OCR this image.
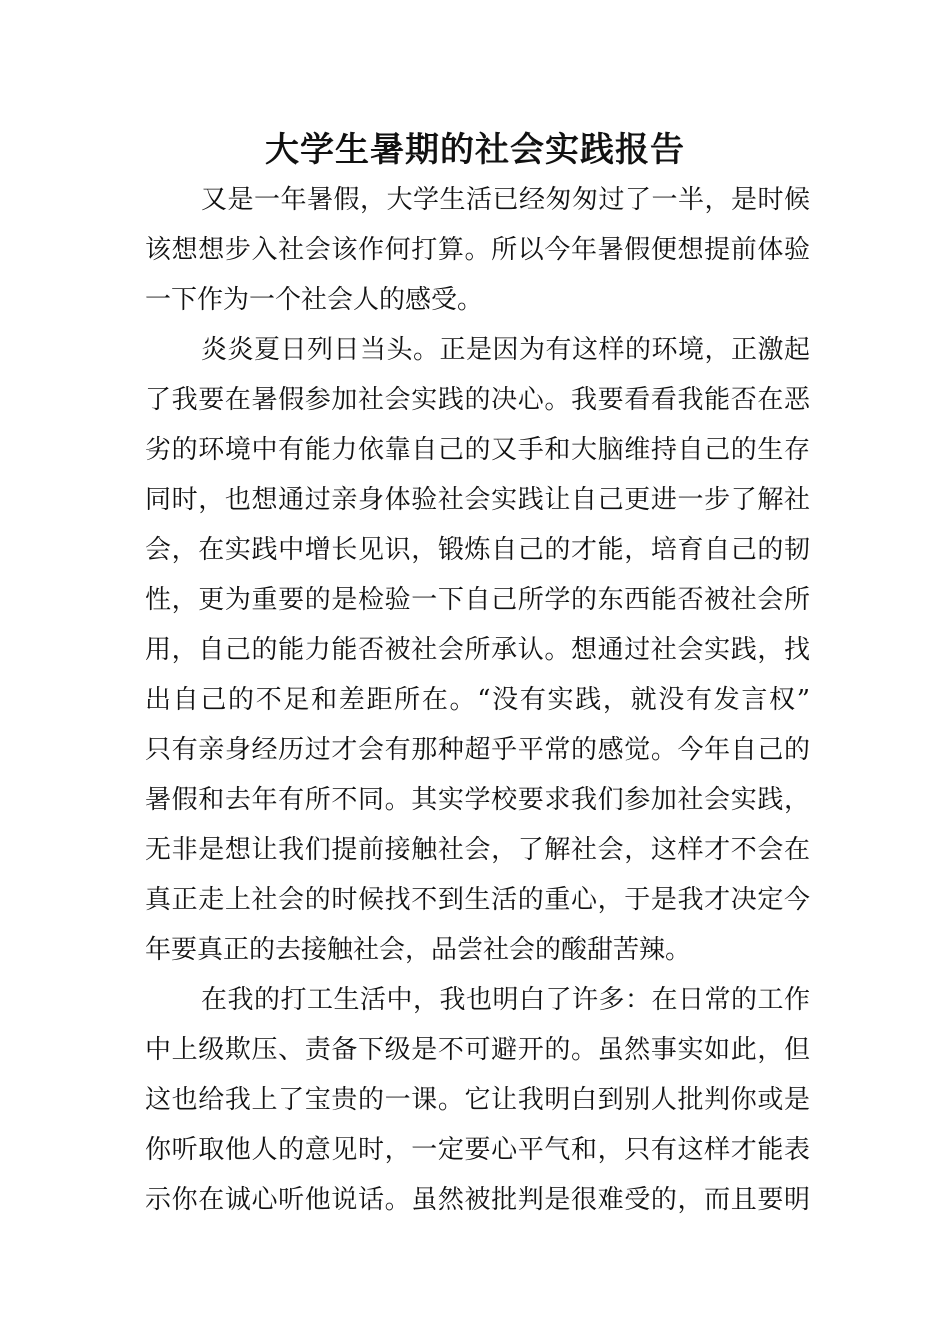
大学生暑期的社会实践报告
又是一年暑假，大学生活已经匆匆过了一半，是时候
该想想步入社会该作何打算。所以今年暑假便想提前体验
一下作为一个社会人的感受。
炎炎夏日列日当头。正是因为有这样的环境，正激起
了我要在暑假参加社会实践的决心。我要看看我能否在恶
劣的环境中有能力依靠自己的又手和大脑维持自己的生存
同时，也想通过亲身体验社会实践让自己更进一步了解社
会，在实践中增长见识，锻炼自己的才能，培育自己的韧
性，更为重要的是检验一下自己所学的东西能否被社会所
用，自己的能力能否被社会所承认。想通过社会实践，找
出自己的不足和差距所在。“没有实践，就没有发言权”
只有亲身经历过才会有那种超乎平常的感觉。今年自己的
暑假和去年有所不同。其实学校要求我们参加社会实践，
无非是想让我们提前接触社会，了解社会，这样才不会在
真正走上社会的时候找不到生活的重心，于是我才决定今
年要真正的去接触社会，品尝社会的酸甜苦辣。
在我的打工生活中，我也明白了许多：在日常的工作
中上级欺压、责备下级是不可避开的。虽然事实如此，但
这也给我上了宝贵的一课。它让我明白到别人批判你或是
你听取他人的意见时，一定要心平气和，只有这样才能表
示你在诚心听他说话。虽然被批判是很难受的，而且要明
